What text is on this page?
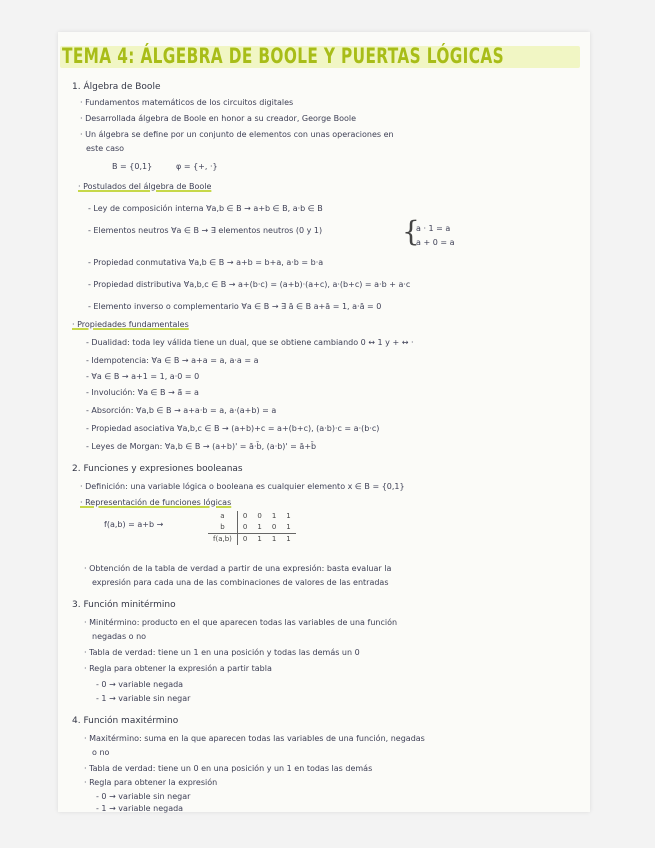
TEMA 4: ÁLGEBRA DE BOOLE Y PUERTAS LÓGICAS
1. Álgebra de Boole
· Fundamentos matemáticos de los circuitos digitales
· Desarrollada álgebra de Boole en honor a su creador, George Boole
· Un álgebra se define por un conjunto de elementos con unas operaciones en
este caso
B = {0,1}	φ = {+, ·}
· Postulados del álgebra de Boole
- Ley de composición interna ∀a,b ∈ B → a+b ∈ B, a·b ∈ B
- Elementos neutros ∀a ∈ B → ∃ elementos neutros (0 y 1)	{
a · 1 = a
a + 0 = a
- Propiedad conmutativa ∀a,b ∈ B → a+b = b+a, a·b = b·a
- Propiedad distributiva ∀a,b,c ∈ B → a+(b·c) = (a+b)·(a+c), a·(b+c) = a·b + a·c
- Elemento inverso o complementario ∀a ∈ B → ∃ ā ∈ B a+ā = 1, a·ā = 0
· Propiedades fundamentales
- Dualidad: toda ley válida tiene un dual, que se obtiene cambiando 0 ↔ 1 y + ↔ ·
- Idempotencia: ∀a ∈ B → a+a = a, a·a = a
- ∀a ∈ B → a+1 = 1, a·0 = 0
- Involución: ∀a ∈ B → ā̄ = a
- Absorción: ∀a,b ∈ B → a+a·b = a, a·(a+b) = a
- Propiedad asociativa ∀a,b,c ∈ B → (a+b)+c = a+(b+c), (a·b)·c = a·(b·c)
- Leyes de Morgan: ∀a,b ∈ B → (a+b)' = ā·b̄, (a·b)' = ā+b̄
2. Funciones y expresiones booleanas
· Definición: una variable lógica o booleana es cualquier elemento x ∈ B = {0,1}
· Representación de funciones lógicas
f(a,b) = a+b →
a	0	0	1	1
b	0	1	0	1
f(a,b)	0	1	1	1
· Obtención de la tabla de verdad a partir de una expresión: basta evaluar la
expresión para cada una de las combinaciones de valores de las entradas
3. Función minitérmino
· Minitérmino: producto en el que aparecen todas las variables de una función
negadas o no
· Tabla de verdad: tiene un 1 en una posición y todas las demás un 0
· Regla para obtener la expresión a partir tabla
- 0 → variable negada
- 1 → variable sin negar
4. Función maxitérmino
· Maxitérmino: suma en la que aparecen todas las variables de una función, negadas
o no
· Tabla de verdad: tiene un 0 en una posición y un 1 en todas las demás
· Regla para obtener la expresión
- 0 → variable sin negar
- 1 → variable negada
